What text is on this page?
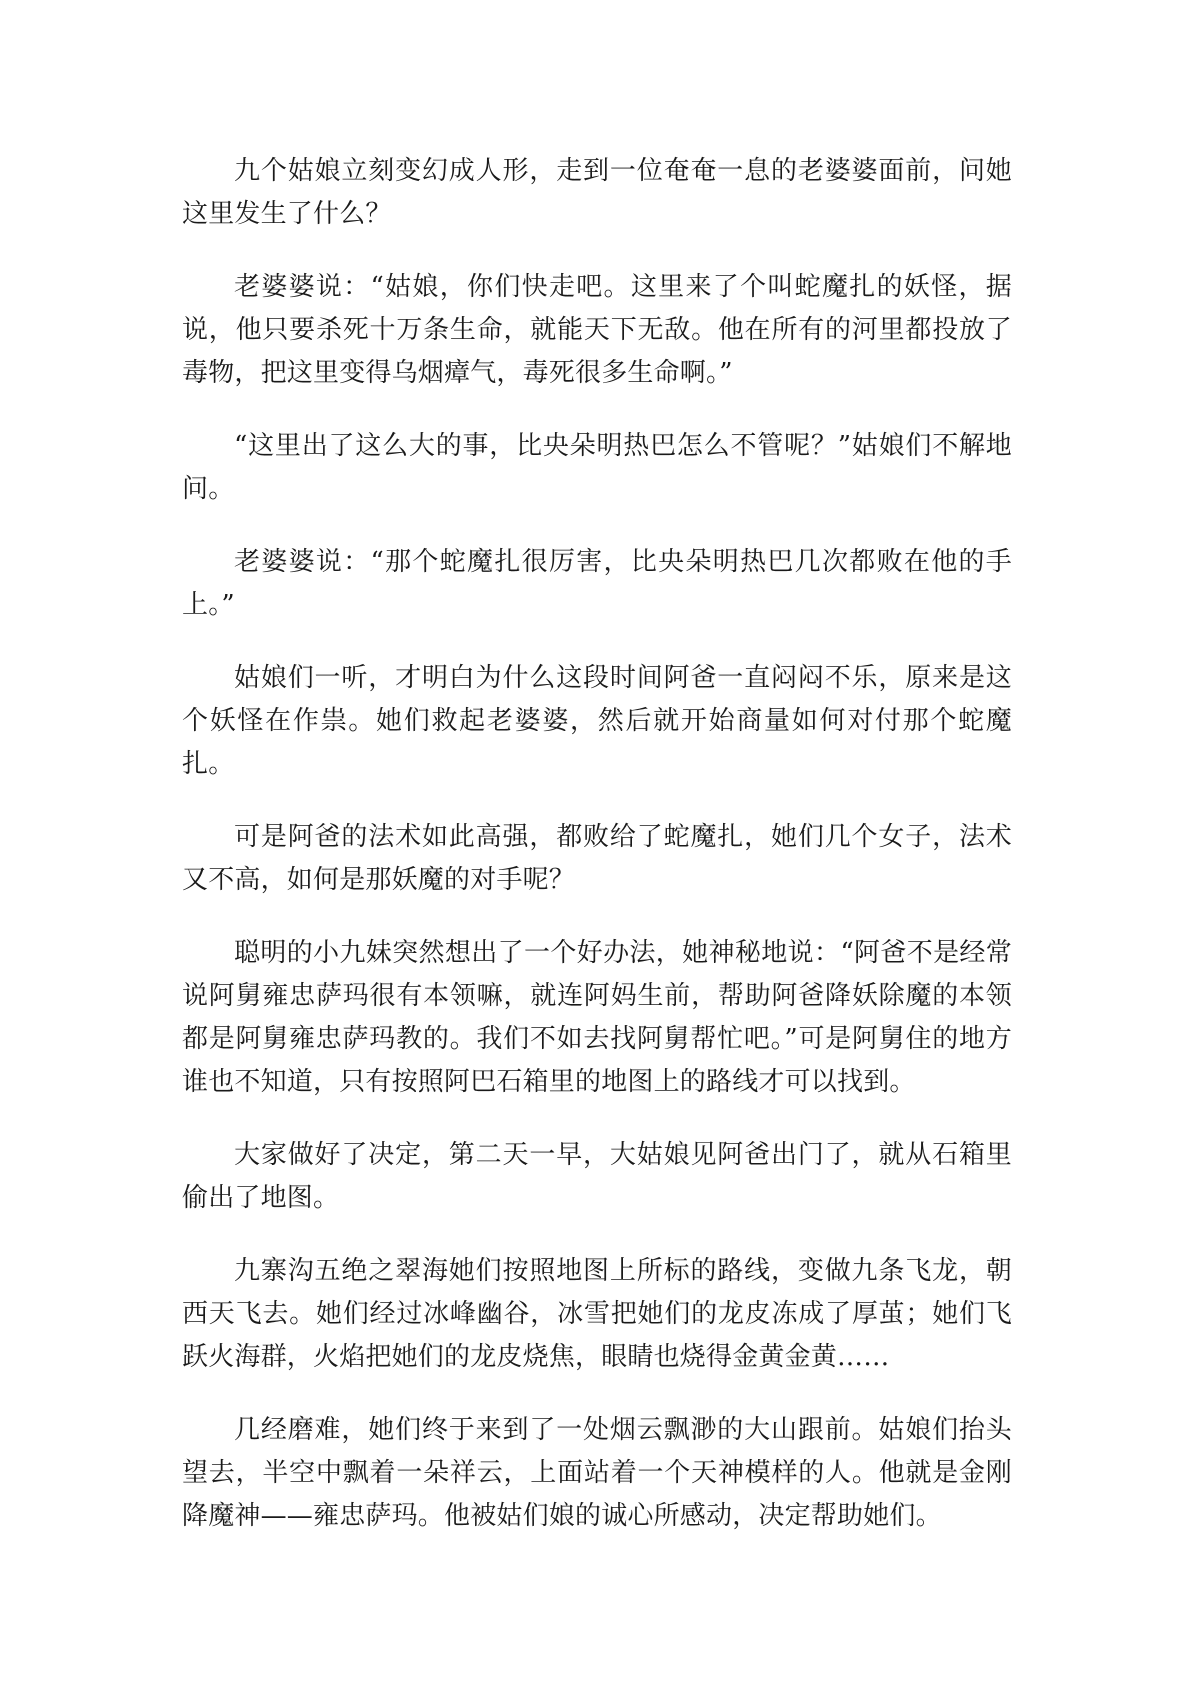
九个姑娘立刻变幻成人形，走到一位奄奄一息的老婆婆面前，问她这里发生了什么？

老婆婆说：“姑娘，你们快走吧。这里来了个叫蛇魔扎的妖怪，据说，他只要杀死十万条生命，就能天下无敌。他在所有的河里都投放了毒物，把这里变得乌烟瘴气，毒死很多生命啊。”

“这里出了这么大的事，比央朵明热巴怎么不管呢？”姑娘们不解地问。

老婆婆说：“那个蛇魔扎很厉害，比央朵明热巴几次都败在他的手上。”

姑娘们一听，才明白为什么这段时间阿爸一直闷闷不乐，原来是这个妖怪在作祟。她们救起老婆婆，然后就开始商量如何对付那个蛇魔扎。

可是阿爸的法术如此高强，都败给了蛇魔扎，她们几个女子，法术又不高，如何是那妖魔的对手呢？

聪明的小九妹突然想出了一个好办法，她神秘地说：“阿爸不是经常说阿舅雍忠萨玛很有本领嘛，就连阿妈生前，帮助阿爸降妖除魔的本领都是阿舅雍忠萨玛教的。我们不如去找阿舅帮忙吧。”可是阿舅住的地方谁也不知道，只有按照阿巴石箱里的地图上的路线才可以找到。

大家做好了决定，第二天一早，大姑娘见阿爸出门了，就从石箱里偷出了地图。

九寨沟五绝之翠海她们按照地图上所标的路线，变做九条飞龙，朝西天飞去。她们经过冰峰幽谷，冰雪把她们的龙皮冻成了厚茧；她们飞跃火海群，火焰把她们的龙皮烧焦，眼睛也烧得金黄金黄……

几经磨难，她们终于来到了一处烟云飘渺的大山跟前。姑娘们抬头望去，半空中飘着一朵祥云，上面站着一个天神模样的人。他就是金刚降魔神——雍忠萨玛。他被姑们娘的诚心所感动，决定帮助她们。
